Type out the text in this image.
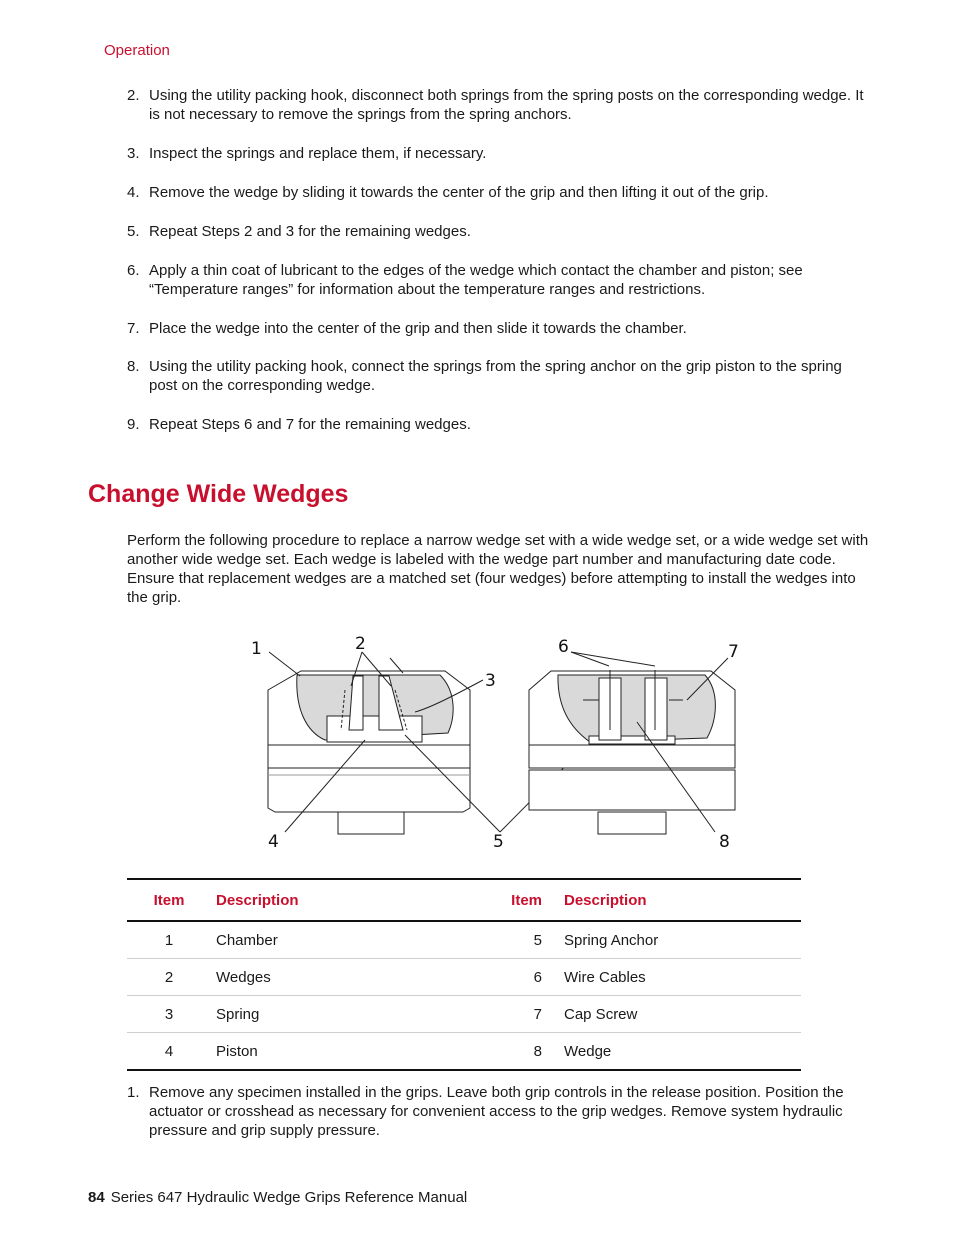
Operation
2. Using the utility packing hook, disconnect both springs from the spring posts on the corresponding wedge. It is not necessary to remove the springs from the spring anchors.
3. Inspect the springs and replace them, if necessary.
4. Remove the wedge by sliding it towards the center of the grip and then lifting it out of the grip.
5. Repeat Steps 2 and 3 for the remaining wedges.
6. Apply a thin coat of lubricant to the edges of the wedge which contact the chamber and piston; see “Temperature ranges” for information about the temperature ranges and restrictions.
7. Place the wedge into the center of the grip and then slide it towards the chamber.
8. Using the utility packing hook, connect the springs from the spring anchor on the grip piston to the spring post on the corresponding wedge.
9. Repeat Steps 6 and 7 for the remaining wedges.
Change Wide Wedges
Perform the following procedure to replace a narrow wedge set with a wide wedge set, or a wide wedge set with another wide wedge set. Each wedge is labeled with the wedge part number and manufacturing date code. Ensure that replacement wedges are a matched set (four wedges) before attempting to install the wedges into the grip.
1	2
3
4	5
6	7
8
Item	Description	Item	Description
1	Chamber	5	Spring Anchor
2	Wedges	6	Wire Cables
3	Spring	7	Cap Screw
4	Piston	8	Wedge
1. Remove any specimen installed in the grips. Leave both grip controls in the release position. Position the actuator or crosshead as necessary for convenient access to the grip wedges. Remove system hydraulic pressure and grip supply pressure.
84 Series 647 Hydraulic Wedge Grips Reference Manual
